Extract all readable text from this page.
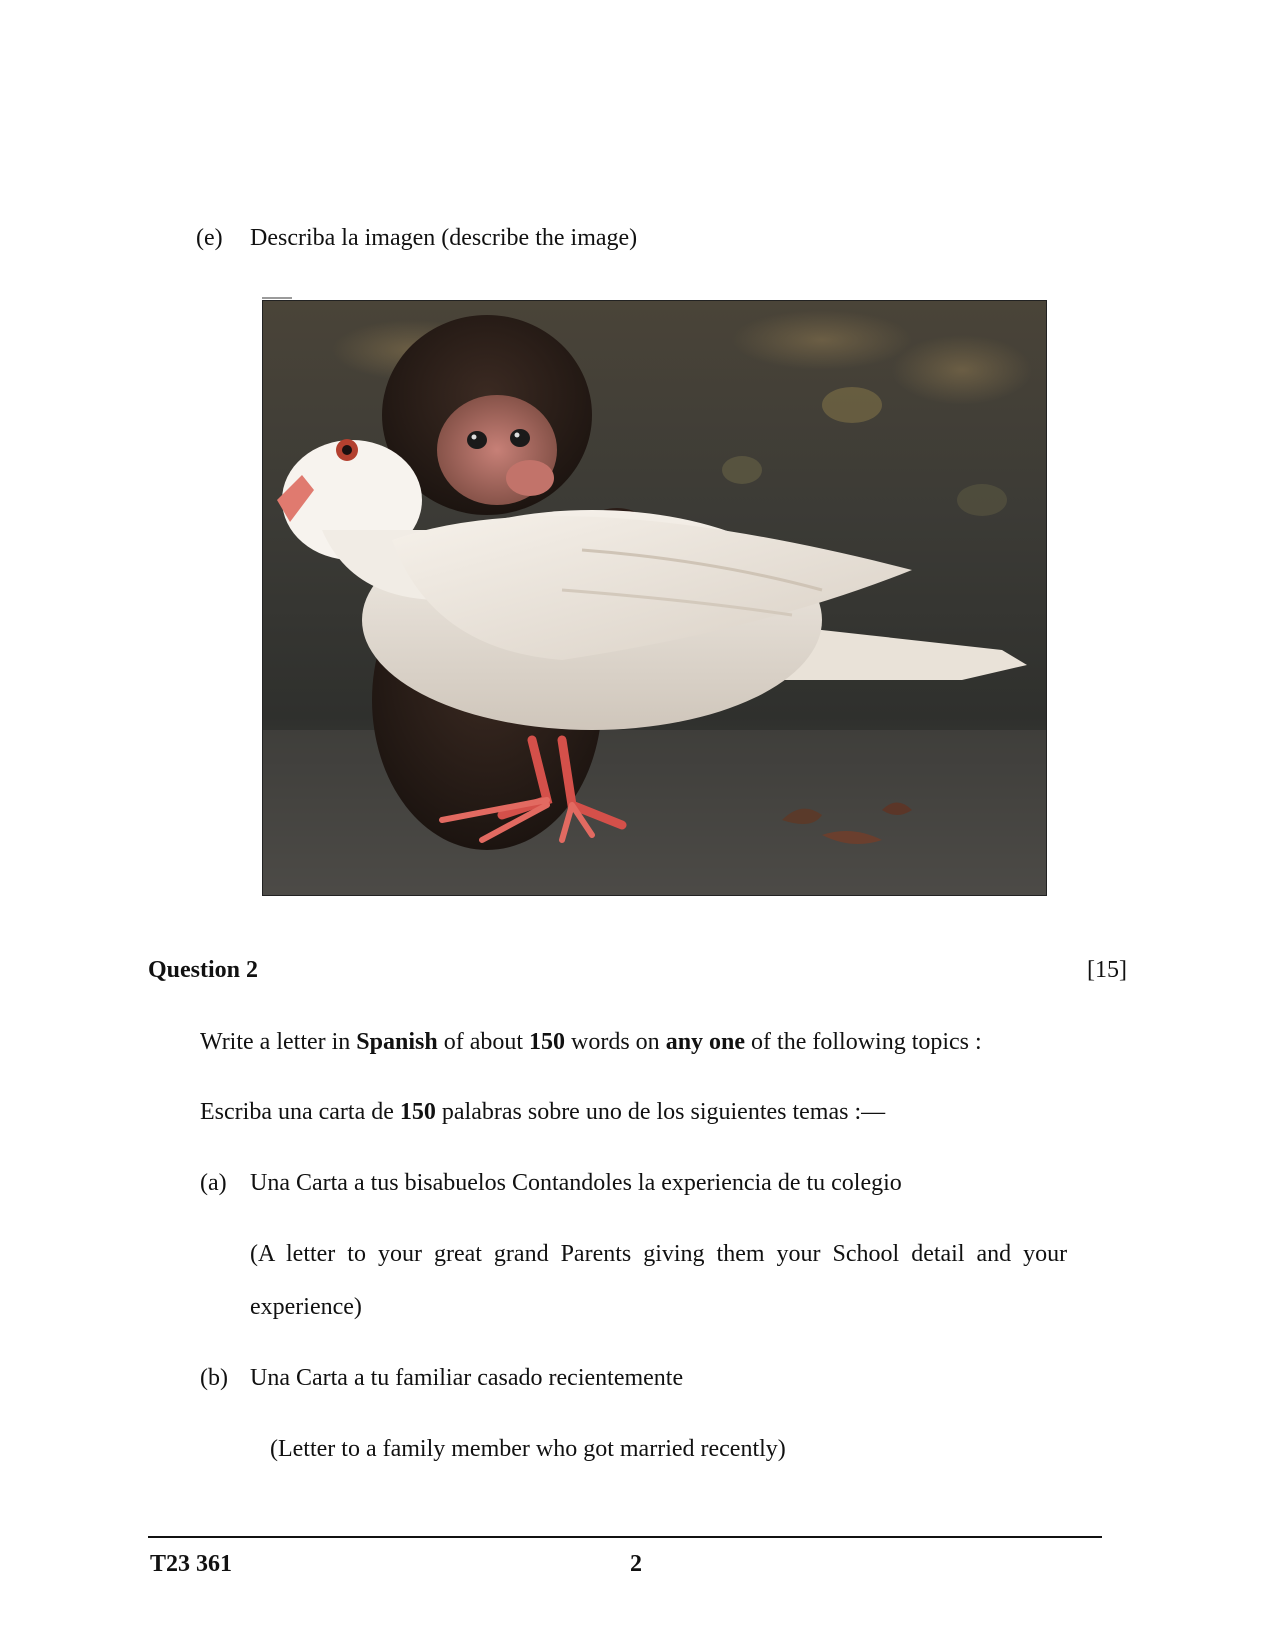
(e) Describa la imagen (describe the image)
Question 2	[15]
Write a letter in Spanish of about 150 words on any one of the following topics :
Escriba una carta de 150 palabras sobre uno de los siguientes temas :—
(a) Una Carta a tus bisabuelos Contandoles la experiencia de tu colegio
(A  letter  to  your  great  grand  Parents  giving  them  your  School  detail  and  your
experience)
(b) Una Carta a tu familiar casado recientemente
(Letter to a family member who got married recently)
T23 361	2
